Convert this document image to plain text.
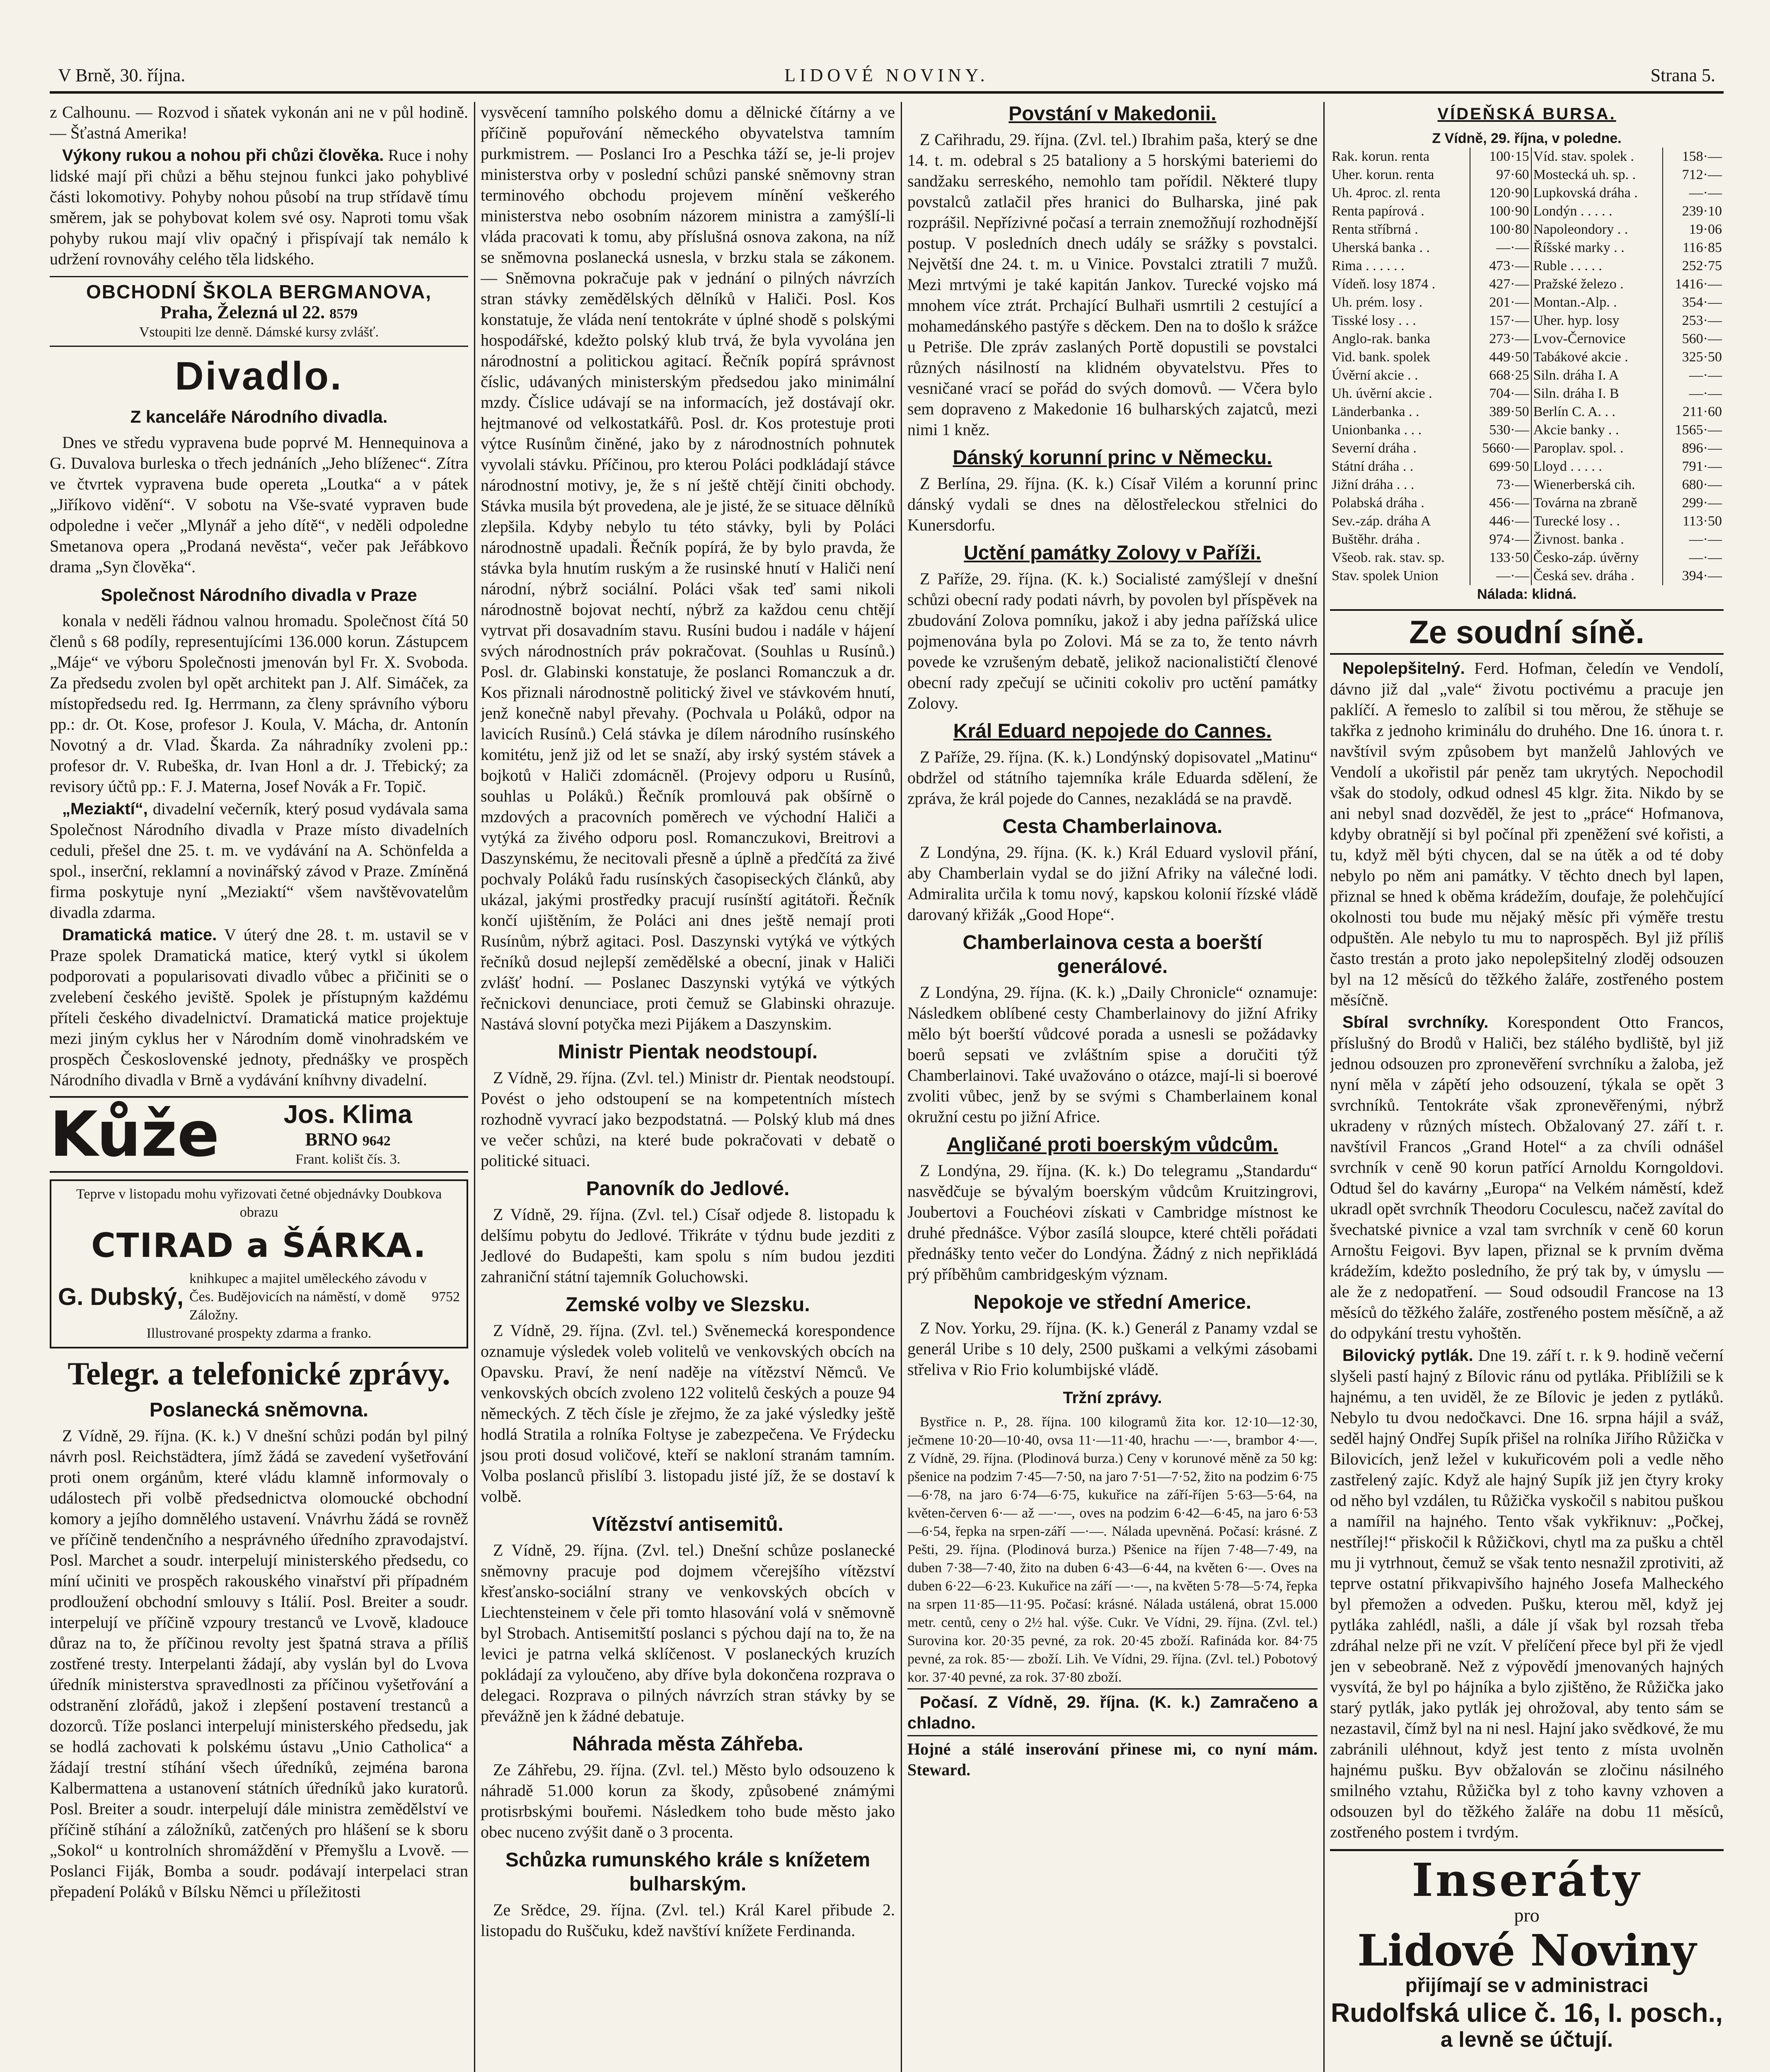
V Brně, 30. října.	LIDOVÉ NOVINY.	Strana 5.

z Calhounu. — Rozvod i sňatek vykonán ani ne v půl hodině. — Šťastná Amerika!

Výkony rukou a nohou při chůzi člověka. Ruce i nohy lidské mají při chůzi a běhu stejnou funkci jako pohyblivé části lokomotivy. Pohyby nohou působí na trup střídavě tímu směrem, jak se pohybovat kolem své osy. Naproti tomu však pohyby rukou mají vliv opačný i přispívají tak nemálo k udržení rovnováhy celého těla lidského.

OBCHODNÍ ŠKOLA BERGMANOVA,
Praha, Železná ul 22. 8579
Vstoupiti lze denně. Dámské kursy zvlášť.
Divadlo.
Z kanceláře Národního divadla.

Dnes ve středu vypravena bude poprvé M. Hennequinova a G. Duvalova burleska o třech jednáních „Jeho blíženec“. Zítra ve čtvrtek vypravena bude opereta „Loutka“ a v pátek „Jiříkovo vidění“. V sobotu na Vše-svaté vypraven bude odpoledne i večer „Mlynář a jeho dítě“, v neděli odpoledne Smetanova opera „Prodaná nevěsta“, večer pak Jeřábkovo drama „Syn člověka“.

Společnost Národního divadla v Praze

konala v neděli řádnou valnou hromadu. Společnost čítá 50 členů s 68 podíly, representujícími 136.000 korun. Zástupcem „Máje“ ve výboru Společnosti jmenován byl Fr. X. Svoboda. Za předsedu zvolen byl opět architekt pan J. Alf. Simáček, za místopředsedu red. Ig. Herrmann, za členy správního výboru pp.: dr. Ot. Kose, profesor J. Koula, V. Mácha, dr. Antonín Novotný a dr. Vlad. Škarda. Za náhradníky zvoleni pp.: profesor dr. V. Rubeška, dr. Ivan Honl a dr. J. Třebický; za revisory účtů pp.: F. J. Materna, Josef Novák a Fr. Topič.

„Meziaktí“, divadelní večerník, který posud vydávala sama Společnost Národního divadla v Praze místo divadelních ceduli, přešel dne 25. t. m. ve vydávání na A. Schönfelda a spol., inserční, reklamní a novinářský závod v Praze. Zmíněná firma poskytuje nyní „Meziaktí“ všem navštěvovatelům divadla zdarma.

Dramatická matice. V úterý dne 28. t. m. ustavil se v Praze spolek Dramatická matice, který vytkl si úkolem podporovati a popularisovati divadlo vůbec a přičiniti se o zvelebení českého jeviště. Spolek je přístupným každému příteli českého divadelnictví. Dramatická matice projektuje mezi jiným cyklus her v Národním domě vinohradském ve prospěch Československé jednoty, přednášky ve prospěch Národního divadla v Brně a vydávání kníhvny divadelní.

Kůže	Jos. Klima
BRNO 9642
Frant. kolišt čís. 3.
Teprve v listopadu mohu vyřizovati četné objednávky Doubkova obrazu
CTIRAD a ŠÁRKA.
G. Dubský,
knihkupec a majitel uměleckého závodu v Čes. Budějovicích na náměstí, v domě Záložny.
9752
Illustrované prospekty zdarma a franko.
Telegr. a telefonické zprávy.
Poslanecká sněmovna.

Z Vídně, 29. října. (K. k.) V dnešní schůzi podán byl pilný návrh posl. Reichstädtera, jímž žádá se zavedení vyšetřování proti onem orgánům, které vládu klamně informovaly o událostech při volbě předsednictva olomoucké obchodní komory a jejího domnělého ustavení. Vnávrhu žádá se rovněž ve příčině tendenčního a nesprávného úředního zpravodajství. Posl. Marchet a soudr. interpelují ministerského předsedu, co míní učiniti ve prospěch rakouského vinařství při případném prodloužení obchodní smlouvy s Itálií. Posl. Breiter a soudr. interpelují ve příčině vzpoury trestanců ve Lvově, kladouce důraz na to, že příčinou revolty jest špatná strava a příliš zostřené tresty. Interpelanti žádají, aby vyslán byl do Lvova úředník ministerstva spravedlnosti za příčinou vyšetřování a odstranění zlořádů, jakož i zlepšení postavení trestanců a dozorců. Tíže poslanci interpelují ministerského předsedu, jak se hodlá zachovati k polskému ústavu „Unio Catholica“ a žádají trestní stíhání všech úředníků, zejména barona Kalbermattena a ustanovení státních úředníků jako kuratorů. Posl. Breiter a soudr. interpelují dále ministra zemědělství ve příčině stíhání a záložníků, zatčených pro hlášení se k sboru „Sokol“ u kontrolních shromáždění v Přemyšlu a Lvově. — Poslanci Fiják, Bomba a soudr. podávají interpelaci stran přepadení Poláků v Bílsku Němci u příležitosti

vysvěcení tamního polského domu a dělnické čítárny a ve příčině popuřování německého obyvatelstva tamním purkmistrem. — Poslanci Iro a Peschka táží se, je-li projev ministerstva orby v poslední schůzi panské sněmovny stran terminového obchodu projevem mínění veškerého ministerstva nebo osobním názorem ministra a zamýšlí-li vláda pracovati k tomu, aby příslušná osnova zakona, na níž se sněmovna poslanecká usnesla, v brzku stala se zákonem. — Sněmovna pokračuje pak v jednání o pilných návrzích stran stávky zemědělských dělníků v Haliči. Posl. Kos konstatuje, že vláda není tentokráte v úplné shodě s polskými hospodářské, kdežto polský klub trvá, že byla vyvolána jen národnostní a politickou agitací. Řečník popírá správnost číslic, udávaných ministerským předsedou jako minimální mzdy. Číslice udávají se na informacích, jež dostávají okr. hejtmanové od velkostatkářů. Posl. dr. Kos protestuje proti výtce Rusínům činěné, jako by z národnostních pohnutek vyvolali stávku. Příčinou, pro kterou Poláci podkládají stávce národnostní motivy, je, že s ní ještě chtějí činiti obchody. Stávka musila být provedena, ale je jisté, že se situace dělníků zlepšila. Kdyby nebylo tu této stávky, byli by Poláci národnostně upadali. Řečník popírá, že by bylo pravda, že stávka byla hnutím ruským a že rusinské hnutí v Haliči není národní, nýbrž sociální. Poláci však teď sami nikoli národnostně bojovat nechtí, nýbrž za každou cenu chtějí vytrvat při dosavadním stavu. Rusíni budou i nadále v hájení svých národnostních práv pokračovat. (Souhlas u Rusínů.) Posl. dr. Glabinski konstatuje, že poslanci Romanczuk a dr. Kos přiznali národnostně politický živel ve stávkovém hnutí, jenž konečně nabyl převahy. (Pochvala u Poláků, odpor na lavicích Rusínů.) Celá stávka je dílem národního rusínského komitétu, jenž již od let se snaží, aby irský systém stávek a bojkotů v Haliči zdomácněl. (Projevy odporu u Rusínů, souhlas u Poláků.) Řečník promlouvá pak obšírně o mzdových a pracovních poměrech ve východní Haliči a vytýká za živého odporu posl. Romanczukovi, Breitrovi a Daszynskému, že necitovali přesně a úplně a předčítá za živé pochvaly Poláků řadu rusínských časopiseckých článků, aby ukázal, jakými prostředky pracují rusínští agitátoři. Řečník končí ujištěním, že Poláci ani dnes ještě nemají proti Rusínům, nýbrž agitaci. Posl. Daszynski vytýká ve výtkých řečníků dosud nejlepší zemědělské a obecní, jinak v Haliči zvlášť hodní. — Poslanec Daszynski vytýká ve výtkých řečnickovi denunciace, proti čemuž se Glabinski ohrazuje. Nastává slovní potyčka mezi Pijákem a Daszynskim.

Ministr Pientak neodstoupí.

Z Vídně, 29. října. (Zvl. tel.) Ministr dr. Pientak neodstoupí. Povést o jeho odstoupení se na kompetentních místech rozhodně vyvrací jako bezpodstatná. — Polský klub má dnes ve večer schůzi, na které bude pokračovati v debatě o politické situaci.

Panovník do Jedlové.

Z Vídně, 29. října. (Zvl. tel.) Císař odjede 8. listopadu k delšímu pobytu do Jedlové. Třikráte v týdnu bude jezditi z Jedlové do Budapešti, kam spolu s ním budou jezditi zahraniční státní tajemník Goluchowski.

Zemské volby ve Slezsku.

Z Vídně, 29. října. (Zvl. tel.) Svěnemecká korespondence oznamuje výsledek voleb volitelů ve venkovských obcích na Opavsku. Praví, že není naděje na vítězství Němců. Ve venkovských obcích zvoleno 122 volitelů českých a pouze 94 německých. Z těch čísle je zřejmo, že za jaké výsledky ještě hodlá Stratila a rolníka Foltyse je zabezpečena. Ve Frýdecku jsou proti dosud voličové, kteří se nakloní stranám tamním. Volba poslanců přislíbí 3. listopadu jisté jíž, že se dostaví k volbě.

Vítězství antisemitů.

Z Vídně, 29. října. (Zvl. tel.) Dnešní schůze poslanecké sněmovny pracuje pod dojmem včerejšího vítězství křesťansko-sociální strany ve venkovských obcích v Liechtensteinem v čele při tomto hlasování volá v sněmovně byl Strobach. Antisemitští poslanci s pýchou dají na to, že na levici je patrna velká sklíčenost. V poslaneckých kruzích pokládají za vyloučeno, aby dříve byla dokončena rozprava o delegaci. Rozprava o pilných návrzích stran stávky by se převážně jen k žádné debatuje.

Náhrada města Záhřeba.

Ze Záhřebu, 29. října. (Zvl. tel.) Město bylo odsouzeno k náhradě 51.000 korun za škody, způsobené známými protisrbskými bouřemi. Následkem toho bude město jako obec nuceno zvýšit daně o 3 procenta.

Schůzka rumunského krále s knížetem bulharským.

Ze Srědce, 29. října. (Zvl. tel.) Král Karel přibude 2. listopadu do Ruščuku, kdež navštíví knížete Ferdinanda.

Povstání v Makedonii.

Z Cařihradu, 29. října. (Zvl. tel.) Ibrahim paša, který se dne 14. t. m. odebral s 25 bataliony a 5 horskými bateriemi do sandžaku serreského, nemohlo tam pořídil. Některé tlupy povstalců zatlačil přes hranici do Bulharska, jiné pak rozprášil. Nepřízivné počasí a terrain znemožňují rozhodnější postup. V posledních dnech udály se srážky s povstalci. Největší dne 24. t. m. u Vinice. Povstalci ztratili 7 mužů. Mezi mrtvými je také kapitán Jankov. Turecké vojsko má mnohem více ztrát. Prchající Bulhaři usmrtili 2 cestující a mohamedánského pastýře s děckem. Den na to došlo k srážce u Petriše. Dle zpráv zaslaných Portě dopustili se povstalci různých násilností na klidném obyvatelstvu. Přes to vesničané vrací se pořád do svých domovů. — Včera bylo sem dopraveno z Makedonie 16 bulharských zajatců, mezi nimi 1 kněz.

Dánský korunní princ v Německu.

Z Berlína, 29. října. (K. k.) Císař Vilém a korunní princ dánský vydali se dnes na dělostřeleckou střelnici do Kunersdorfu.

Uctění památky Zolovy v Paříži.

Z Paříže, 29. října. (K. k.) Socialisté zamýšlejí v dnešní schůzi obecní rady podati návrh, by povolen byl příspěvek na zbudování Zolova pomníku, jakož i aby jedna pařížská ulice pojmenována byla po Zolovi. Má se za to, že tento návrh povede ke vzrušeným debatě, jelikož nacionalističtí členové obecní rady zpečují se učiniti cokoliv pro uctění památky Zolovy.

Král Eduard nepojede do Cannes.

Z Paříže, 29. října. (K. k.) Londýnský dopisovatel „Matinu“ obdržel od státního tajemníka krále Eduarda sdělení, že zpráva, že král pojede do Cannes, nezakládá se na pravdě.

Cesta Chamberlainova.

Z Londýna, 29. října. (K. k.) Král Eduard vyslovil přání, aby Chamberlain vydal se do jižní Afriky na válečné lodi. Admiralita určila k tomu nový, kapskou kolonií řízské vládě darovaný křižák „Good Hope“.

Chamberlainova cesta a boerští generálové.

Z Londýna, 29. října. (K. k.) „Daily Chronicle“ oznamuje: Následkem oblíbené cesty Chamberlainovy do jižní Afriky mělo být boerští vůdcové porada a usnesli se požádavky boerů sepsati ve zvláštním spise a doručiti týž Chamberlainovi. Také uvažováno o otázce, mají-li si boerové zvoliti vůbec, jenž by se svými s Chamberlainem konal okružní cestu po jižní Africe.

Angličané proti boerským vůdcům.

Z Londýna, 29. října. (K. k.) Do telegramu „Standardu“ nasvědčuje se bývalým boerským vůdcům Kruitzingrovi, Joubertovi a Fouchéovi získati v Cambridge místnost ke druhé přednášce. Výbor zasílá sloupce, které chtěli pořádati přednášky tento večer do Londýna. Žádný z nich nepřikládá prý příběhům cambridgeským význam.

Nepokoje ve střední Americe.

Z Nov. Yorku, 29. října. (K. k.) Generál z Panamy vzdal se generál Uribe s 10 dely, 2500 puškami a velkými zásobami střeliva v Rio Frio kolumbijské vládě.

Tržní zprávy.

Bystřice n. P., 28. října. 100 kilogramů žita kor. 12·10—12·30, ječmene 10·20—10·40, ovsa 11·—11·40, hrachu —·—, brambor 4·—. Z Vídně, 29. října. (Plodinová burza.) Ceny v korunové měně za 50 kg: pšenice na podzim 7·45—7·50, na jaro 7·51—7·52, žito na podzim 6·75—6·78, na jaro 6·74—6·75, kukuřice na září-říjen 5·63—5·64, na květen-červen 6·— až —·—, oves na podzim 6·42—6·45, na jaro 6·53—6·54, řepka na srpen-září —·—. Náladа upevněná. Počasí: krásné. Z Pešti, 29. října. (Plodinová burza.) Pšenice na říjen 7·48—7·49, na duben 7·38—7·40, žito na duben 6·43—6·44, na květen 6·—. Oves na duben 6·22—6·23. Kukuřice na září —·—, na květen 5·78—5·74, řepka na srpen 11·85—11·95. Počasí: krásné. Náladа ustálená, obrat 15.000 metr. centů, ceny o 2½ hal. výše. Cukr. Ve Vídni, 29. října. (Zvl. tel.) Surovina kor. 20·35 pevné, za rok. 20·45 zboží. Rafináda kor. 84·75 pevné, za rok. 85·— zboží. Lih. Ve Vídni, 29. října. (Zvl. tel.) Pobotový kor. 37·40 pevné, za rok. 37·80 zboží.

Počasí. Z Vídně, 29. října. (K. k.) Zamračeno a chladno.

Hojné a stálé inserování přinese mi, co nyní mám. Steward.

VÍDEŇSKÁ BURSA.
Z Vídně, 29. října, v poledne.
Rak. korun. renta	100·15	Víd. stav. spolek .	158·—
Uher. korun. renta	97·60	Mostecká uh. sp. .	712·—
Uh. 4proc. zl. renta	120·90	Lupkovská dráha .	—·—
Renta papírová .	100·90	Londýn . . . . .	239·10
Renta stříbrná .	100·80	Napoleondory . .	19·06
Uherská banka . .	—·—	Říšské marky . .	116·85
Rima . . . . . .	473·—	Ruble . . . . .	252·75
Vídeň. losy 1874 .	427·—	Pražské železo .	1416·—
Uh. prém. losy .	201·—	Montan.-Alp. .	354·—
Tisské losy . . .	157·—	Uher. hyp. losy	253·—
Anglo-rak. banka	273·—	Lvov-Černovice	560·—
Vid. bank. spolek	449·50	Tabákové akcie .	325·50
Úvěrní akcie . .	668·25	Siln. dráha I. A	—·—
Uh. úvěrní akcie .	704·—	Siln. dráha I. B	—·—
Länderbanka . .	389·50	Berlín C. A. . .	211·60
Unionbanka . . .	530·—	Akcie banky . .	1565·—
Severní dráha .	5660·—	Paroplav. spol. .	896·—
Státní dráha . .	699·50	Lloyd . . . . .	791·—
Jižní dráha . . .	73·—	Wienerberská cih.	680·—
Polabská dráha .	456·—	Továrna na zbraně	299·—
Sev.-záp. dráha A	446·—	Turecké losy . .	113·50
Buštěhr. dráha .	974·—	Živnost. banka .	—·—
Všeob. rak. stav. sp.	133·50	Česko-záp. úvěrny	—·—
Stav. spolek Union	—·—	Česká sev. dráha .	394·—
Nálada: klidná.
Ze soudní síně.

Nepolepšitelný. Ferd. Hofman, čeledín ve Vendolí, dávno již dal „vale“ životu poctivému a pracuje jen paklíčí. A řemeslo to zalíbil si tou měrou, že stěhuje se takřka z jednoho kriminálu do druhého. Dne 16. února t. r. navštívil svým způsobem byt manželů Jahlových ve Vendolí a ukořistil pár peněz tam ukrytých. Nepochodil však do stodoly, odkud odnesl 45 klgr. žita. Nikdo by se ani nebyl snad dozvěděl, že jest to „práce“ Hofmanova, kdyby obratnějí si byl počínal při zpeněžení své kořisti, a tu, když měl býti chycen, dal se na útěk a od té doby nebylo po něm ani památky. V těchto dnech byl lapen, přiznal se hned k oběma krádežím, doufaje, že polehčující okolnosti tou bude mu nějaký měsíc při výměře trestu odpuštěn. Ale nebylo tu mu to naprospěch. Byl již příliš často trestán a proto jako nepolepšitelný zloděj odsouzen byl na 12 měsíců do těžkého žaláře, zostřeného postem měsíčně.

Sbíral svrchníky. Korespondent Otto Francos, příslušný do Brodů v Haliči, bez stálého bydliště, byl již jednou odsouzen pro zpronevěření svrchníku a žaloba, jež nyní měla v zápětí jeho odsouzení, týkala se opět 3 svrchníků. Tentokráte však zpronevěřenými, nýbrž ukradeny v různých místech. Obžalovaný 27. září t. r. navštívil Francos „Grand Hotel“ a za chvíli odnášel svrchník v ceně 90 korun patřící Arnoldu Korngoldovi. Odtud šel do kavárny „Europa“ na Velkém náměstí, kdež ukradl opět svrchník Theodoru Coculescu, načež zavítal do švechatské pivnice a vzal tam svrchník v ceně 60 korun Arnoštu Feigovi. Byv lapen, přiznal se k prvním dvěma krádežím, kdežto posledního, že prý tak by, v úmyslu — ale že z nedopatření. — Soud odsoudil Francose na 13 měsíců do těžkého žaláře, zostřeného postem měsíčně, a až do odpykání trestu vyhoštěn.

Bilovický pytlák. Dne 19. září t. r. k 9. hodině večerní slyšeli pastí hajný z Bílovic ránu od pytláka. Přiblížili se k hajnému, a ten uviděl, že ze Bílovic je jeden z pytláků. Nebylo tu dvou nedočkavci. Dne 16. srpna hájil a sváž, seděl hajný Ondřej Supík přišel na rolníka Jiřího Růžička v Bilovicích, jenž ležel v kukuřicovém poli a vedle něho zastřelený zajíc. Když ale hajný Supík již jen čtyry kroky od něho byl vzdálen, tu Růžička vyskočil s nabitou puškou a namířil na hajného. Tento však vykřiknuv: „Počkej, nestřílej!“ přiskočil k Růžičkovi, chytl ma za pušku a chtěl mu ji vytrhnout, čemuž se však tento nesnažil zprotiviti, až teprve ostatní přikvapivšího hajného Josefa Malheckého byl přemožen a odveden. Pušku, kterou měl, když jej pytláka zahlédl, našli, a dále jí však byl rozsah třeba zdráhal nelze při ne vzít. V přelíčení přece byl při že vjedl jen v sebeobraně. Než z výpovědí jmenovaných hajných vysvítá, že byl po hájníka a bylo zjištěno, že Růžička jako starý pytlák, jako pytlák jej ohrožoval, aby tento sám se nezastavil, čímž byl na ni nesl. Hajní jako svědkové, že mu zabránili uléhnout, když jest tento z místa uvolněn hajnému pušku. Byv obžalován se zločinu násilného smilného vztahu, Růžička byl z toho kavny vzhoven a odsouzen byl do těžkého žaláře na dobu 11 měsíců, zostřeného postem i tvrdým.

Inseráty
pro
Lidové Noviny
přijímají se v administraci
Rudolfská ulice č. 16, I. posch.,
a levně se účtují.
